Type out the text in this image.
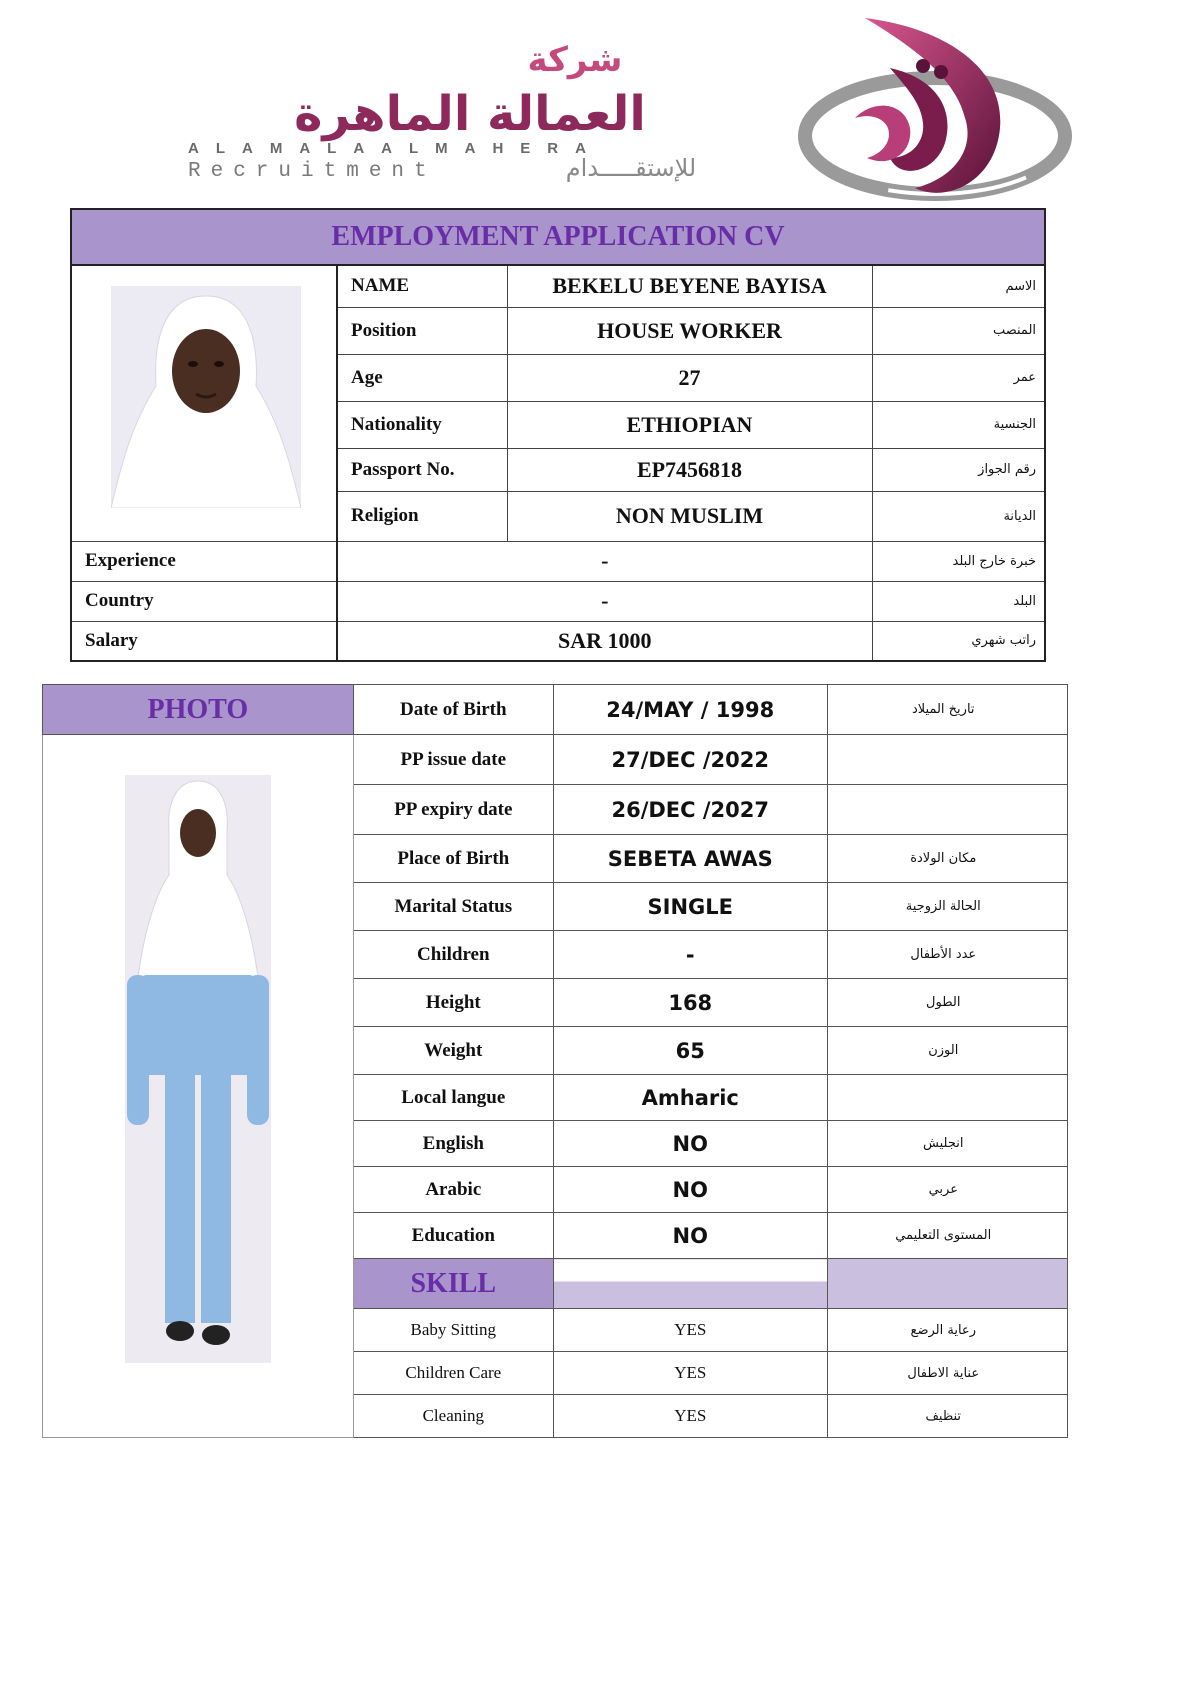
شركة
العمالة الماهرة
ALAMALAALMAHERA
Recruitment	للإستقـــــدام
EMPLOYMENT APPLICATION CV			

	NAME	BEKELU BEYENE BAYISA	الاسم
	Position	HOUSE WORKER	المنصب
	Age	27	عمر
	Nationality	ETHIOPIAN	الجنسية
	Passport No.	EP7456818	رقم الجواز
	Religion	NON MUSLIM	الديانة
Experience	-		خبرة خارج البلد
Country	-		البلد
Salary	SAR 1000		راتب شهري
PHOTO	Date of Birth	24/MAY / 1998	تاريخ الميلاد

	PP issue date	27/DEC /2022	
	PP expiry date	26/DEC /2027	
	Place of Birth	SEBETA AWAS	مكان الولادة
	Marital Status	SINGLE	الحالة الزوجية
	Children	-	عدد الأطفال
	Height	168	الطول
	Weight	65	الوزن
	Local langue	Amharic	
	English	NO	انجليش
	Arabic	NO	عربي
	Education	NO	المستوى التعليمي
	SKILL		
	Baby Sitting	YES	رعاية الرضع
	Children Care	YES	عناية الاطفال
	Cleaning	YES	تنظيف
